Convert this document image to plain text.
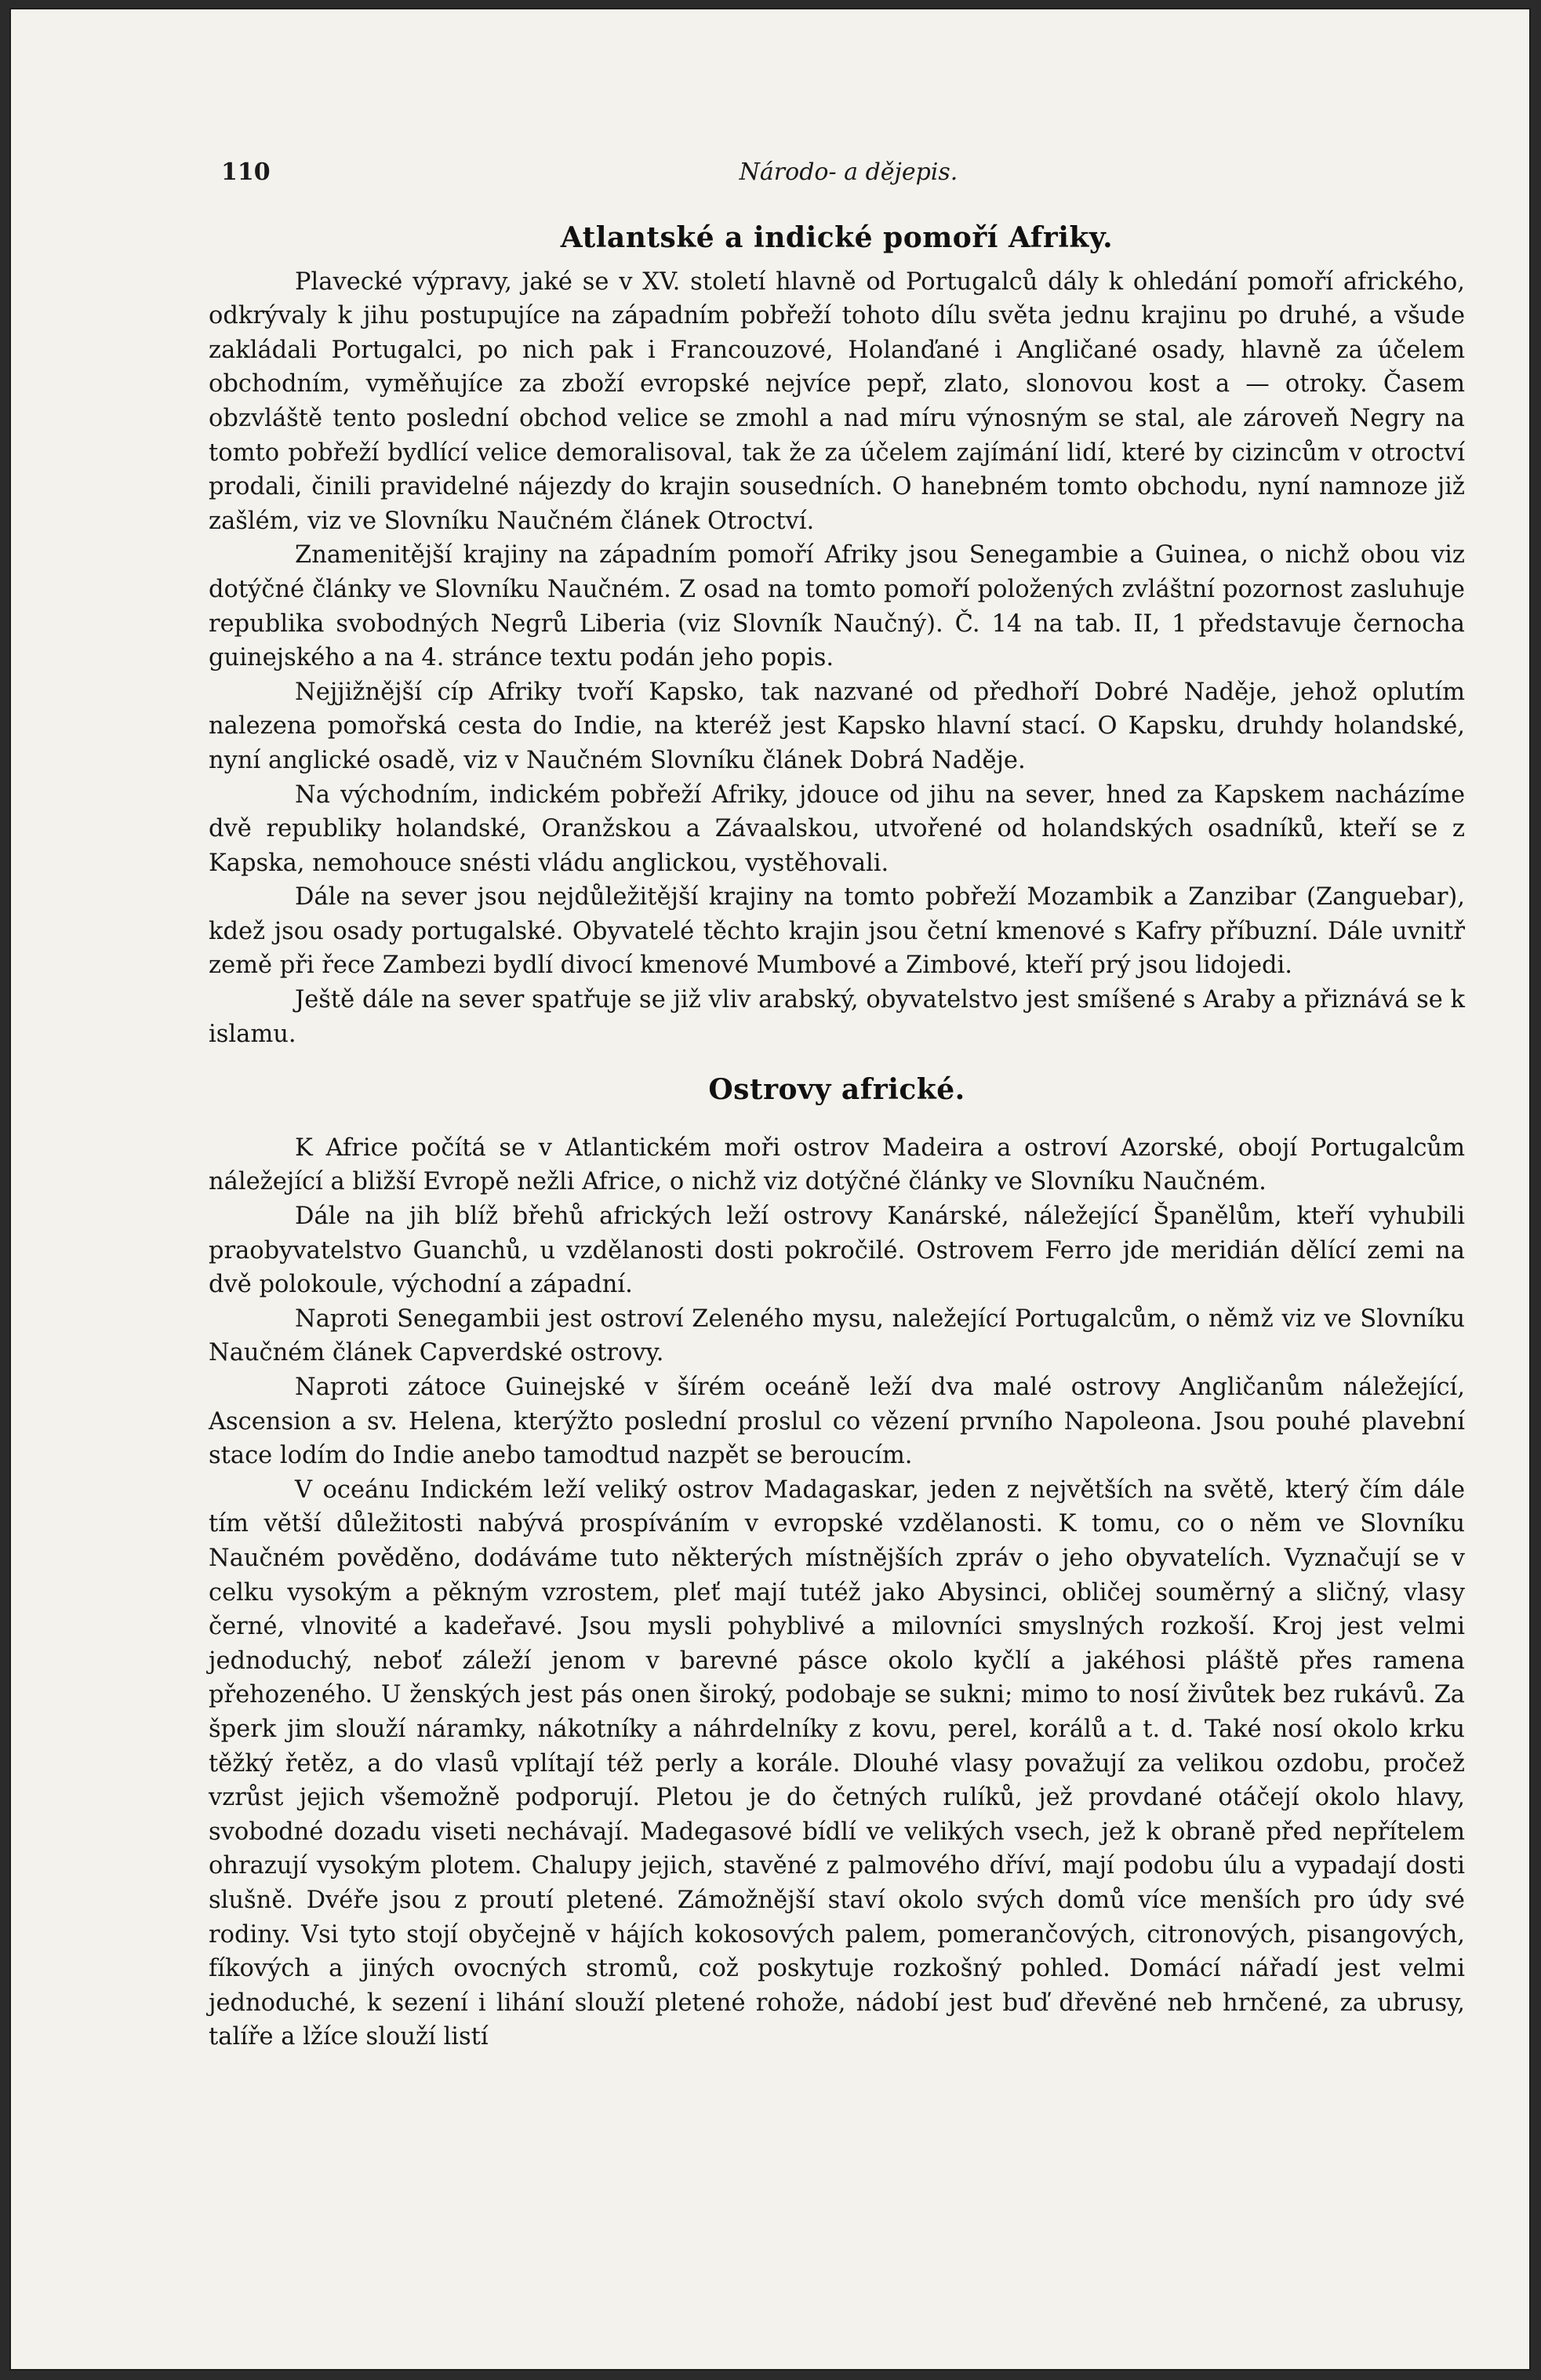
110	Národo- a dějepis.
Atlantské a indické pomoří Afriky.

Plavecké výpravy, jaké se v XV. století hlavně od Portugalců dály k ohledání pomoří afrického, odkrývaly k jihu postupujíce na západním pobřeží tohoto dílu světa jednu krajinu po druhé, a všude zakládali Portugalci, po nich pak i Francouzové, Holanďané i Angličané osady, hlavně za účelem obchodním, vyměňujíce za zboží evropské nejvíce pepř, zlato, slonovou kost a — otroky. Časem obzvláště tento poslední obchod velice se zmohl a nad míru výnosným se stal, ale zároveň Negry na tomto pobřeží bydlící velice demoralisoval, tak že za účelem zajímání lidí, které by cizincům v otroctví prodali, činili pravidelné nájezdy do krajin sousedních. O hanebném tomto obchodu, nyní namnoze již zašlém, viz ve Slovníku Naučném článek Otroctví.

Znamenitější krajiny na západním pomoří Afriky jsou Senegambie a Guinea, o nichž obou viz dotýčné články ve Slovníku Naučném. Z osad na tomto pomoří položených zvláštní pozornost zasluhuje republika svobodných Negrů Liberia (viz Slovník Naučný). Č. 14 na tab. II, 1 představuje černocha guinejského a na 4. stránce textu podán jeho popis.

Nejjižnější cíp Afriky tvoří Kapsko, tak nazvané od předhoří Dobré Naděje, jehož oplutím nalezena pomořská cesta do Indie, na kteréž jest Kapsko hlavní stací. O Kapsku, druhdy holandské, nyní anglické osadě, viz v Naučném Slovníku článek Dobrá Naděje.

Na východním, indickém pobřeží Afriky, jdouce od jihu na sever, hned za Kapskem nacházíme dvě republiky holandské, Oranžskou a Závaalskou, utvořené od holandských osadníků, kteří se z Kapska, nemohouce snésti vládu anglickou, vystěhovali.

Dále na sever jsou nejdůležitější krajiny na tomto pobřeží Mozambik a Zanzibar (Zanguebar), kdež jsou osady portugalské. Obyvatelé těchto krajin jsou četní kmenové s Kafry příbuzní. Dále uvnitř země při řece Zambezi bydlí divocí kmenové Mumbové a Zimbové, kteří prý jsou lidojedi.

Ještě dále na sever spatřuje se již vliv arabský, obyvatelstvo jest smíšené s Araby a přiznává se k islamu.

Ostrovy africké.

K Africe počítá se v Atlantickém moři ostrov Madeira a ostroví Azorské, obojí Portugalcům náležející a bližší Evropě nežli Africe, o nichž viz dotýčné články ve Slovníku Naučném.

Dále na jih blíž břehů afrických leží ostrovy Kanárské, náležející Španělům, kteří vyhubili praobyvatelstvo Guanchů, u vzdělanosti dosti pokročilé. Ostrovem Ferro jde meridián dělící zemi na dvě polokoule, východní a západní.

Naproti Senegambii jest ostroví Zeleného mysu, naležející Portugalcům, o němž viz ve Slovníku Naučném článek Capverdské ostrovy.

Naproti zátoce Guinejské v šírém oceáně leží dva malé ostrovy Angličanům náležející, Ascension a sv. Helena, kterýžto poslední proslul co vězení prvního Napoleona. Jsou pouhé plavební stace lodím do Indie anebo tamodtud nazpět se beroucím.

V oceánu Indickém leží veliký ostrov Madagaskar, jeden z největších na světě, který čím dále tím větší důležitosti nabývá prospíváním v evropské vzdělanosti. K tomu, co o něm ve Slovníku Naučném pověděno, dodáváme tuto některých místnějších zpráv o jeho obyvatelích. Vyznačují se v celku vysokým a pěkným vzrostem, pleť mají tutéž jako Abysinci, obličej souměrný a sličný, vlasy černé, vlnovité a kadeřavé. Jsou mysli pohyblivé a milovníci smyslných rozkoší. Kroj jest velmi jednoduchý, neboť záleží jenom v barevné pásce okolo kyčlí a jakéhosi pláště přes ramena přehozeného. U ženských jest pás onen široký, podobaje se sukni; mimo to nosí živůtek bez rukávů. Za šperk jim slouží náramky, nákotníky a náhrdelníky z kovu, perel, korálů a t. d. Také nosí okolo krku těžký řetěz, a do vlasů vplítají též perly a korále. Dlouhé vlasy považují za velikou ozdobu, pročež vzrůst jejich všemožně podporují. Pletou je do četných rulíků, jež provdané otáčejí okolo hlavy, svobodné dozadu viseti nechávají. Madegasové bídlí ve velikých vsech, jež k obraně před nepřítelem ohrazují vysokým plotem. Chalupy jejich, stavěné z palmového dříví, mají podobu úlu a vypadají dosti slušně. Dvéře jsou z proutí pletené. Zámožnější staví okolo svých domů více menších pro údy své rodiny. Vsi tyto stojí obyčejně v hájích kokosových palem, pomerančových, citronových, pisangových, fíkových a jiných ovocných stromů, což poskytuje rozkošný pohled. Domácí nářadí jest velmi jednoduché, k sezení i lihání slouží pletené rohože, nádobí jest buď dřevěné neb hrnčené, za ubrusy, talíře a lžíce slouží listí
